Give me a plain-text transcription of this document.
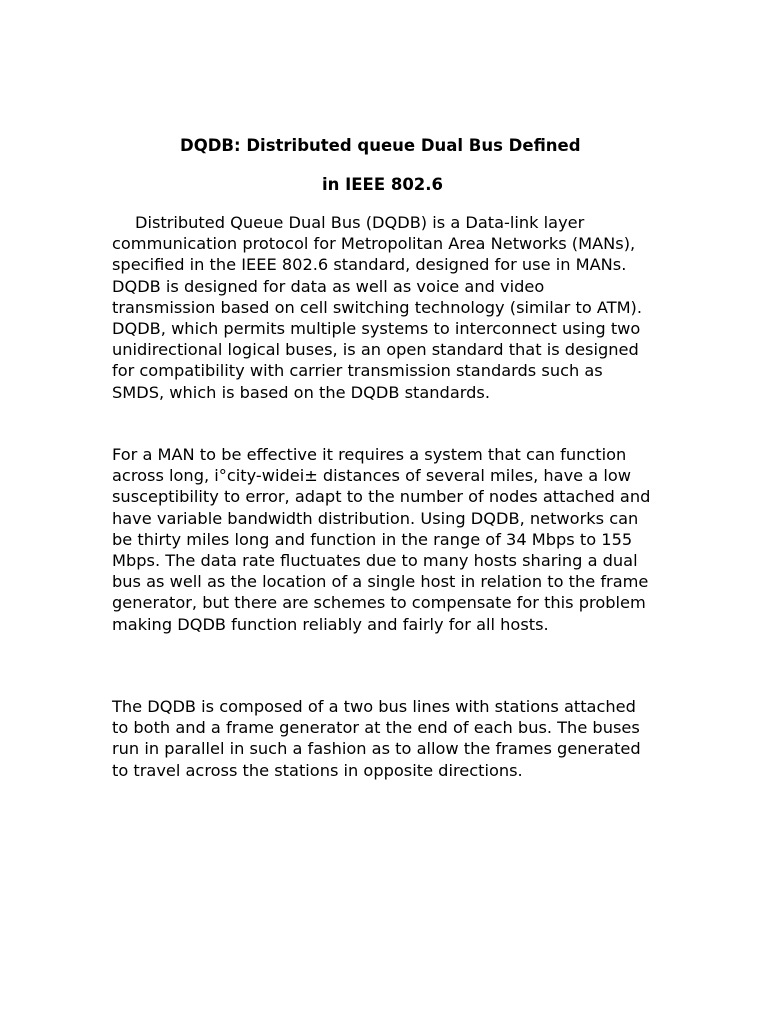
DQDB: Distributed queue Dual Bus Defined
in IEEE 802.6

Distributed Queue Dual Bus (DQDB) is a Data-link layer communication protocol for Metropolitan Area Networks (MANs), specified in the IEEE 802.6 standard, designed for use in MANs. DQDB is designed for data as well as voice and video transmission based on cell switching technology (similar to ATM). DQDB, which permits multiple systems to interconnect using two unidirectional logical buses, is an open standard that is designed for compatibility with carrier transmission standards such as SMDS, which is based on the DQDB standards.

For a MAN to be effective it requires a system that can function across long, i°city-widei± distances of several miles, have a low susceptibility to error, adapt to the number of nodes attached and have variable bandwidth distribution. Using DQDB, networks can be thirty miles long and function in the range of 34 Mbps to 155 Mbps. The data rate fluctuates due to many hosts sharing a dual bus as well as the location of a single host in relation to the frame generator, but there are schemes to compensate for this problem making DQDB function reliably and fairly for all hosts.

The DQDB is composed of a two bus lines with stations attached to both and a frame generator at the end of each bus. The buses run in parallel in such a fashion as to allow the frames generated to travel across the stations in opposite directions.
